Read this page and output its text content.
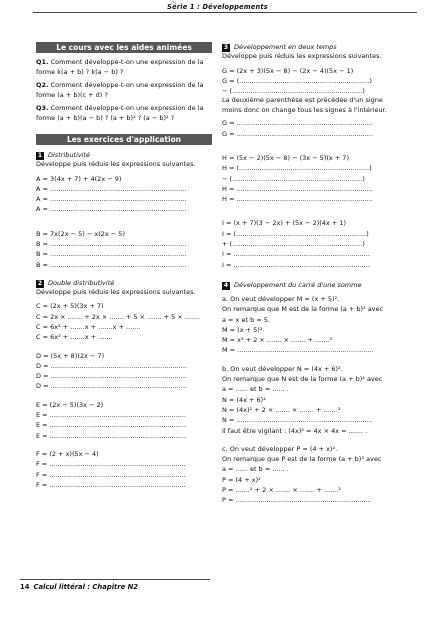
Série 1 : Développements
Le cours avec les aides animées

Q1. Comment développe-t-on une expression de la forme k(a + b) ? k(a − b) ?

Q2. Comment développe-t-on une expression de la forme (a + b)(c + d) ?

Q3. Comment développe-t-on une expression de la forme (a + b)(a − b) ? (a + b)² ? (a − b)² ?

Les exercices d'application
1 Distributivité

Développe puis réduis les expressions suivantes.

A = 3(4x + 7) + 4(2x − 9)
A = ..................................................................
A = ..................................................................
A = ..................................................................
B = 7x(2x − 5) − x(2x − 5)
B = ..................................................................
B = ..................................................................
B = ..................................................................
2 Double distributivité

Développe puis réduis les expressions suivantes.

C = (2x + 5)(3x + 7)
C = 2x × ....... + 2x × ....... + 5 × ....... + 5 × .......
C = 6x² + .......x + .......x + .......
C = 6x² + .......x + .......
D = (5x + 8)(2x − 7)
D = ..................................................................
D = ..................................................................
D = ..................................................................
E = (2x − 5)(3x − 2)
E = ..................................................................
E = ..................................................................
E = ..................................................................
F = (2 + x)(5x − 4)
F = ..................................................................
F = ..................................................................
F = ..................................................................
3 Développement en deux temps

Développe puis réduis les expressions suivantes.

G = (2x + 3)(5x − 8) − (2x − 4)(5x − 1)
G = (...............................................................)
− (...............................................................)

La deuxième parenthèse est précédée d'un signe moins donc on change tous les signes à l'intérieur.

G = ..................................................................
G = ..................................................................
H = (5x − 2)(5x − 8) − (3x − 5)(x + 7)
H = (...............................................................)
− (...............................................................)
H = ..................................................................
H = ..................................................................
I = (x + 7)(3 − 2x) + (5x − 2)(4x + 1)
I = (...............................................................)
+ (...............................................................)
I = ..................................................................
I = ..................................................................
4 Développement du carré d'une somme
a. On veut développer M = (x + 5)².
On remarque que M est de la forme (a + b)² avec
a = x et b = 5.
M = (x + 5)²
M = x² + 2 × ....... × ....... + .......²
M = ..................................................................
b. On veut développer N = (4x + 6)².
On remarque que N est de la forme (a + b)² avec
a = ...... et b = ...... .
N = (4x + 6)²
N = (4x)² + 2 × ....... × ....... + .......²
N = ..................................................................
Il faut être vigilant : (4x)² = 4x × 4x = ....... .
c. On veut développer P = (4 + x)².
On remarque que P est de la forme (a + b)² avec
a = ...... et b = ...... .
P = (4 + x)²
P = .......² + 2 × ....... × ....... + .......²
P = ..................................................................
14 Calcul littéral : Chapitre N2
